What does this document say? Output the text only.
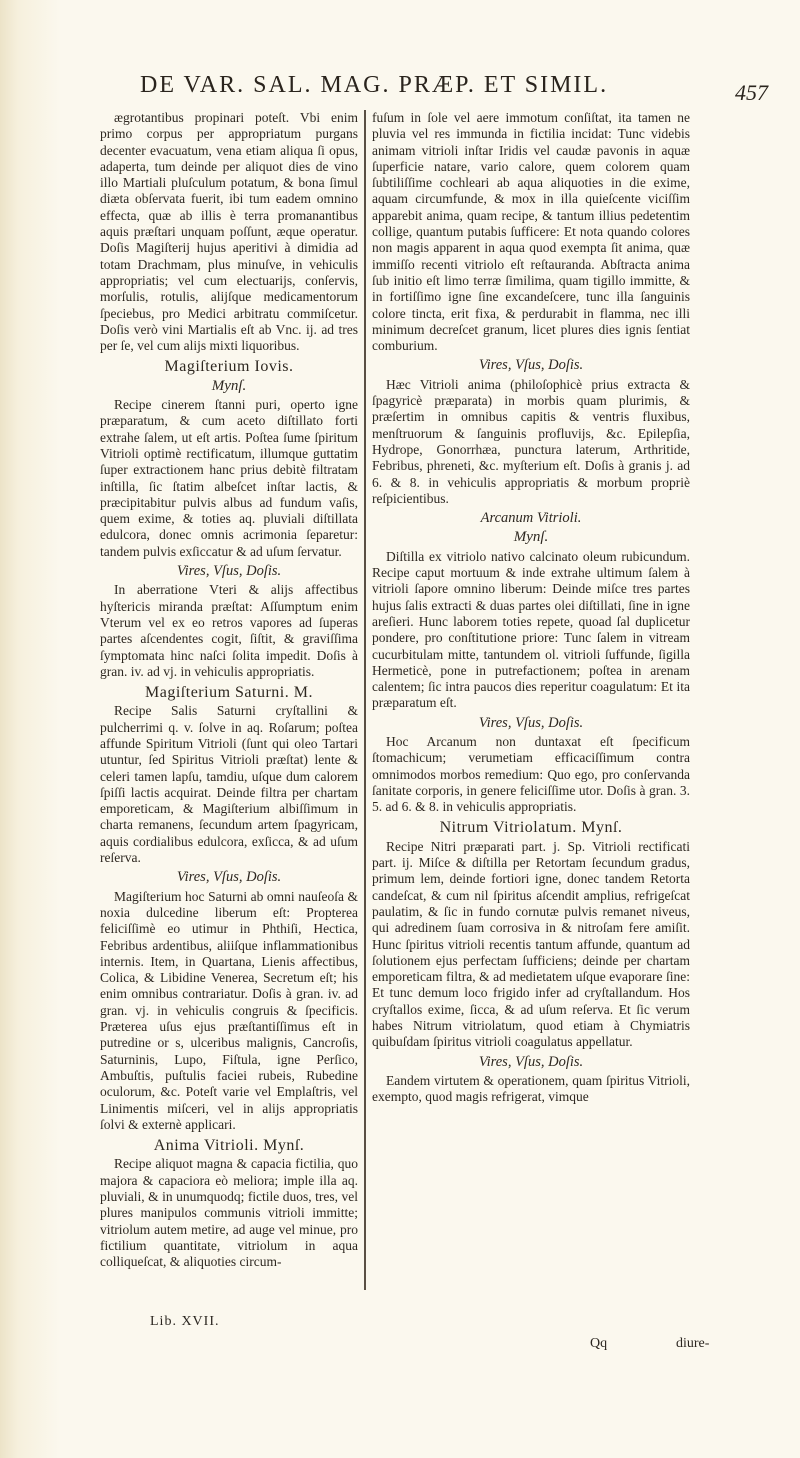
DE VAR. SAL. MAG. PRÆP. ET SIMIL.	457

ægrotantibus propinari poteſt. Vbi enim primo corpus per appropriatum purgans decenter evacuatum, vena etiam aliqua ſi opus, adaperta, tum deinde per aliquot dies de vino illo Martiali pluſculum potatum, & bona ſimul diæta obſervata fuerit, ibi tum eadem omnino effecta, quæ ab illis è terra promanantibus aquis præſtari unquam poſſunt, æque operatur. Doſis Magiſterij hujus aperitivi à dimidia ad totam Drachmam, plus minuſve, in vehiculis appropriatis; vel cum electuarijs, conſervis, morſulis, rotulis, alijſque medicamentorum ſpeciebus, pro Medici arbitratu commiſcetur. Doſis verò vini Martialis eſt ab Vnc. ij. ad tres per ſe, vel cum alijs mixti liquoribus.

Magiſterium Iovis.

Mynſ.

Recipe cinerem ſtanni puri, operto igne præparatum, & cum aceto diſtillato forti extrahe ſalem, ut eſt artis. Poſtea ſume ſpiritum Vitrioli optimè rectificatum, illumque guttatim ſuper extractionem hanc prius debitè filtratam inſtilla, ſic ſtatim albeſcet inſtar lactis, & præcipitabitur pulvis albus ad fundum vaſis, quem exime, & toties aq. pluviali diſtillata edulcora, donec omnis acrimonia ſeparetur: tandem pulvis exſiccatur & ad uſum ſervatur.

Vires, Vſus, Doſis.

In aberratione Vteri & alijs affectibus hyſtericis miranda præſtat: Aſſumptum enim Vterum vel ex eo retros vapores ad ſuperas partes aſcendentes cogit, ſiſtit, & graviſſima ſymptomata hinc naſci ſolita impedit. Doſis à gran. iv. ad vj. in vehiculis appropriatis.

Magiſterium Saturni. M.

Recipe Salis Saturni cryſtallini & pulcherrimi q. v. ſolve in aq. Roſarum; poſtea affunde Spiritum Vitrioli (ſunt qui oleo Tartari utuntur, ſed Spiritus Vitrioli præſtat) lente & celeri tamen lapſu, tamdiu, uſque dum calorem ſpiſſi lactis acquirat. Deinde filtra per chartam emporeticam, & Magiſterium albiſſimum in charta remanens, ſecundum artem ſpagyricam, aquis cordialibus edulcora, exſicca, & ad uſum reſerva.

Vires, Vſus, Doſis.

Magiſterium hoc Saturni ab omni nauſeoſa & noxia dulcedine liberum eſt: Propterea feliciſſimè eo utimur in Phthiſi, Hectica, Febribus ardentibus, aliiſque inflammationibus internis. Item, in Quartana, Lienis affectibus, Colica, & Libidine Venerea, Secretum eſt; his enim omnibus contrariatur. Doſis à gran. iv. ad gran. vj. in vehiculis congruis & ſpecificis. Præterea uſus ejus præſtantiſſimus eſt in putredine or s, ulceribus malignis, Cancroſis, Saturninis, Lupo, Fiſtula, igne Perſico, Ambuſtis, puſtulis faciei rubeis, Rubedine oculorum, &c. Poteſt varie vel Emplaſtris, vel Linimentis miſceri, vel in alijs appropriatis ſolvi & externè applicari.

Anima Vitrioli. Mynſ.

Recipe aliquot magna & capacia fictilia, quo majora & capaciora eò meliora; imple illa aq. pluviali, & in unumquodq; fictile duos, tres, vel plures manipulos communis vitrioli immitte; vitriolum autem metire, ad auge vel minue, pro fictilium quantitate, vitriolum in aqua colliqueſcat, & aliquoties circum-

fuſum in ſole vel aere immotum conſiſtat, ita tamen ne pluvia vel res immunda in fictilia incidat: Tunc videbis animam vitrioli inſtar Iridis vel caudæ pavonis in aquæ ſuperficie natare, vario calore, quem colorem quam ſubtiliſſime cochleari ab aqua aliquoties in die exime, aquam circumfunde, & mox in illa quieſcente viciſſim apparebit anima, quam recipe, & tantum illius pedetentim collige, quantum putabis ſufficere: Et nota quando colores non magis apparent in aqua quod exempta ſit anima, quæ immiſſo recenti vitriolo eſt reſtauranda. Abſtracta anima ſub initio eſt limo terræ ſimilima, quam tigillo immitte, & in fortiſſimo igne ſine excandeſcere, tunc illa ſanguinis colore tincta, erit fixa, & perdurabit in flamma, nec illi minimum decreſcet granum, licet plures dies ignis ſentiat comburium.

Vires, Vſus, Doſis.

Hæc Vitrioli anima (philoſophicè prius extracta & ſpagyricè præparata) in morbis quam plurimis, & præſertim in omnibus capitis & ventris fluxibus, menſtruorum & ſanguinis profluvijs, &c. Epilepſia, Hydrope, Gonorrhæa, punctura laterum, Arthritide, Febribus, phreneti, &c. myſterium eſt. Doſis à granis j. ad 6. & 8. in vehiculis appropriatis & morbum propriè reſpicientibus.

Arcanum Vitrioli.

Mynſ.

Diſtilla ex vitriolo nativo calcinato oleum rubicundum. Recipe caput mortuum & inde extrahe ultimum ſalem à vitrioli ſapore omnino liberum: Deinde miſce tres partes hujus ſalis extracti & duas partes olei diſtillati, ſine in igne areſieri. Hunc laborem toties repete, quoad ſal duplicetur pondere, pro conſtitutione priore: Tunc ſalem in vitream cucurbitulam mitte, tantundem ol. vitrioli ſuffunde, ſigilla Hermeticè, pone in putrefactionem; poſtea in arenam calentem; ſic intra paucos dies reperitur coagulatum: Et ita præparatum eſt.

Vires, Vſus, Doſis.

Hoc Arcanum non duntaxat eſt ſpecificum ſtomachicum; verumetiam efficaciſſimum contra omnimodos morbos remedium: Quo ego, pro conſervanda ſanitate corporis, in genere feliciſſime utor. Doſis à gran. 3. 5. ad 6. & 8. in vehiculis appropriatis.

Nitrum Vitriolatum. Mynſ.

Recipe Nitri præparati part. j. Sp. Vitrioli rectificati part. ij. Miſce & diſtilla per Retortam ſecundum gradus, primum lem, deinde fortiori igne, donec tandem Retorta candeſcat, & cum nil ſpiritus aſcendit amplius, refrigeſcat paulatim, & ſic in fundo cornutæ pulvis remanet niveus, qui adredinem ſuam corrosiva in & nitroſam fere amiſit. Hunc ſpiritus vitrioli recentis tantum affunde, quantum ad ſolutionem ejus perfectam ſufficiens; deinde per chartam emporeticam filtra, & ad medietatem uſque evaporare ſine: Et tunc demum loco frigido infer ad cryſtallandum. Hos cryſtallos exime, ſicca, & ad uſum reſerva. Et ſic verum habes Nitrum vitriolatum, quod etiam à Chymiatris quibuſdam ſpiritus vitrioli coagulatus appellatur.

Vires, Vſus, Doſis.

Eandem virtutem & operationem, quam ſpiritus Vitrioli, exempto, quod magis refrigerat, vimque

Lib. XVII.
Qq	diure-
